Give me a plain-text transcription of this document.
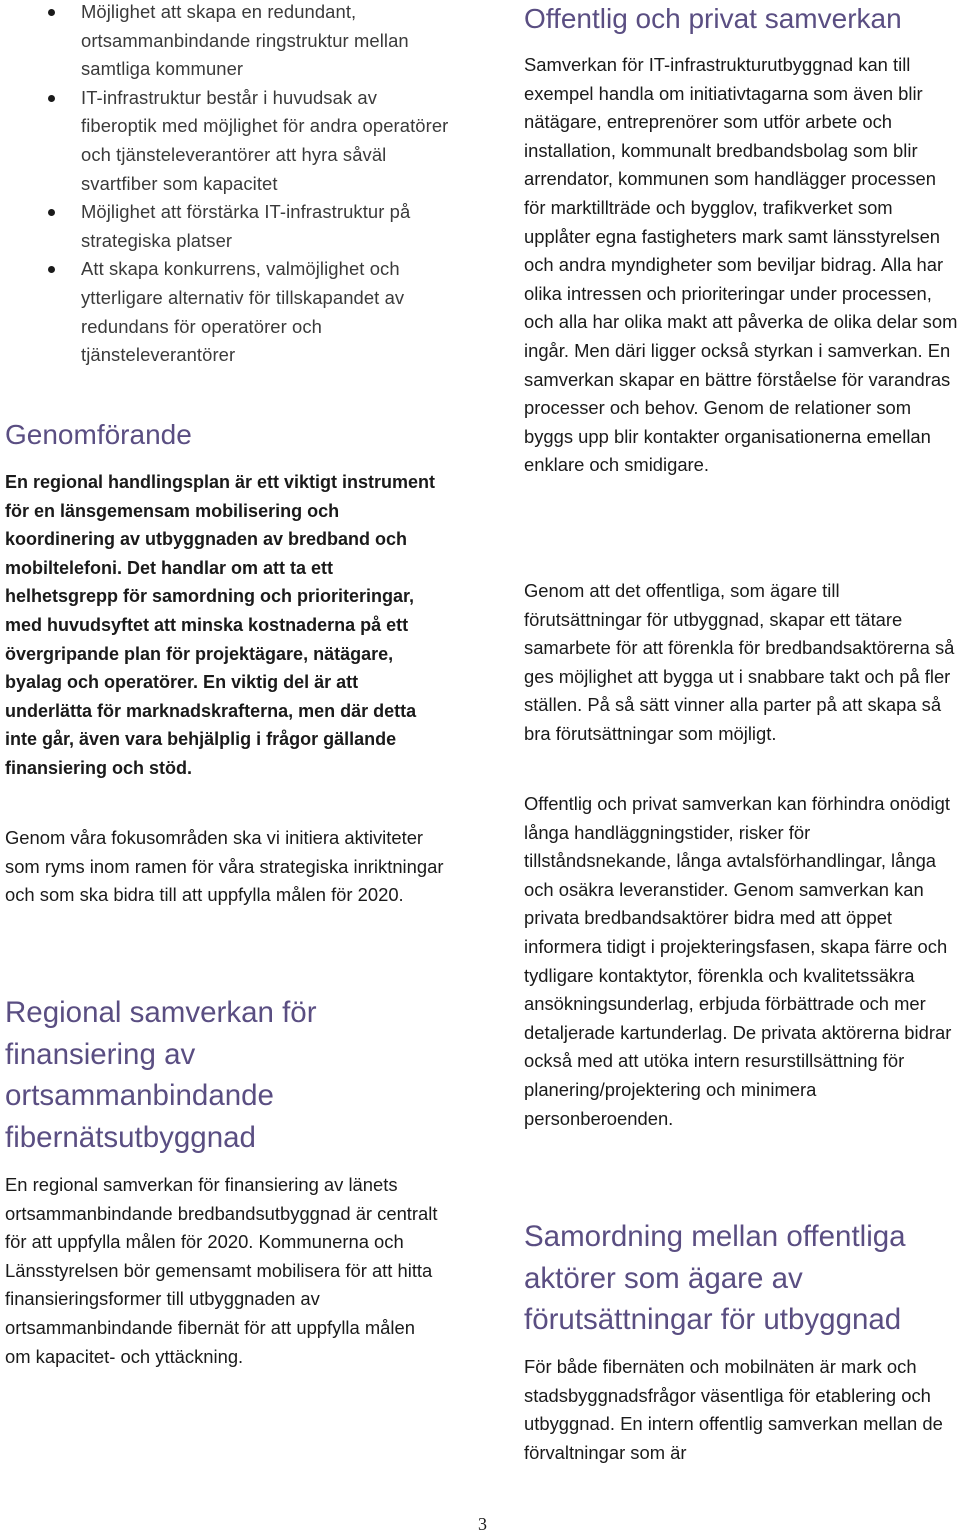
Möjlighet att skapa en redundant, ortsammanbindande ringstruktur mellan samtliga kommuner
IT-infrastruktur består i huvudsak av fiberoptik med möjlighet för andra operatörer och tjänsteleverantörer att hyra såväl svartfiber som kapacitet
Möjlighet att förstärka IT-infrastruktur på strategiska platser
Att skapa konkurrens, valmöjlighet och ytterligare alternativ för tillskapandet av redundans för operatörer och tjänsteleverantörer
Genomförande

En regional handlingsplan är ett viktigt instrument för en länsgemensam mobilisering och koordinering av utbyggnaden av bredband och mobiltelefoni. Det handlar om att ta ett helhetsgrepp för samordning och prioriteringar, med huvudsyftet att minska kostnaderna på ett övergripande plan för projektägare, nätägare, byalag och operatörer. En viktig del är att underlätta för marknadskrafterna, men där detta inte går, även vara behjälplig i frågor gällande finansiering och stöd.

Genom våra fokusområden ska vi initiera aktiviteter som ryms inom ramen för våra strategiska inriktningar och som ska bidra till att uppfylla målen för 2020.

Regional samverkan för finansiering av ortsammanbindande fibernätsutbyggnad

En regional samverkan för finansiering av länets ortsammanbindande bredbandsutbyggnad är centralt för att uppfylla målen för 2020. Kommunerna och Länsstyrelsen bör gemensamt mobilisera för att hitta finansieringsformer till utbyggnaden av ortsammanbindande fibernät för att uppfylla målen om kapacitet- och yttäckning.

Offentlig och privat samverkan

Samverkan för IT-infrastrukturutbyggnad kan till exempel handla om initiativtagarna som även blir nätägare, entreprenörer som utför arbete och installation, kommunalt bredbandsbolag som blir arrendator, kommunen som handlägger processen för marktillträde och bygglov, trafikverket som upplåter egna fastigheters mark samt länsstyrelsen och andra myndigheter som beviljar bidrag. Alla har olika intressen och prioriteringar under processen, och alla har olika makt att påverka de olika delar som ingår. Men däri ligger också styrkan i samverkan. En samverkan skapar en bättre förståelse för varandras processer och behov. Genom de relationer som byggs upp blir kontakter organisationerna emellan enklare och smidigare.

Genom att det offentliga, som ägare till förutsättningar för utbyggnad, skapar ett tätare samarbete för att förenkla för bredbandsaktörerna så ges möjlighet att bygga ut i snabbare takt och på fler ställen. På så sätt vinner alla parter på att skapa så bra förutsättningar som möjligt.

Offentlig och privat samverkan kan förhindra onödigt långa handläggningstider, risker för tillståndsnekande, långa avtalsförhandlingar, långa och osäkra leveranstider. Genom samverkan kan privata bredbandsaktörer bidra med att öppet informera tidigt i projekteringsfasen, skapa färre och tydligare kontaktytor, förenkla och kvalitetssäkra ansökningsunderlag, erbjuda förbättrade och mer detaljerade kartunderlag. De privata aktörerna bidrar också med att utöka intern resurstillsättning för planering/projektering och minimera personberoenden.

Samordning mellan offentliga aktörer som ägare av förutsättningar för utbyggnad

För både fibernäten och mobilnäten är mark och stadsbyggnadsfrågor väsentliga för etablering och utbyggnad. En intern offentlig samverkan mellan de förvaltningar som är

3
